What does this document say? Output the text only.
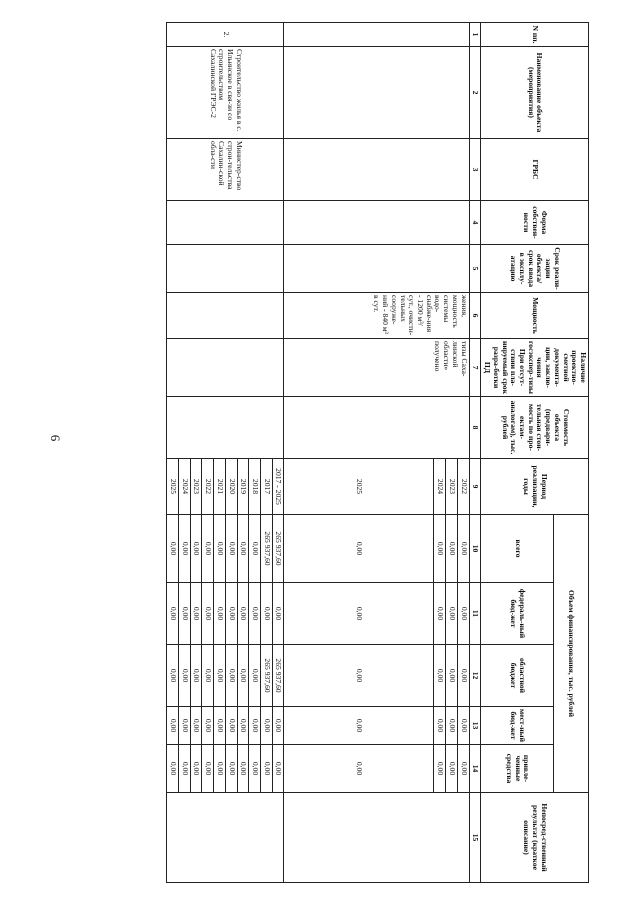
6
N пп.	Наименование объекта (мероприятия)	ГРБС	Форма собствен-ности	Срок реали-зации объекта/ срок ввода в эксплу-атацию	Мощность	Наличие проектно-сметной документа-ции, заклю-чения госэкспер-тизы При отсут-ствии пла-нируемый срок разра-ботки ПД	Стоимость объекта (предвари-тельная стои-мость по про-ектам-аналогам), тыс. рублей	Период реализации, годы	Объем финансирования, тыс. рублей					Непосред-ственный результат (краткое описание)
									всего	федераль-ный бюд-жет	областной бюджет	мест-ный бюд-жет	привле-ченные средства	
1	2	3	4	5	6	7	8	9	10	11	12	13	14	15
					жения, мощность системы водо-снабже-ния - 1200 м³/сут., очистн-тельных сооруже-ний - 840 м³ в сут.	тизы Саха-линской области» получено		2022	0,00	0,00	0,00	0,00	0,00	
								2023	0,00	0,00	0,00	0,00	0,00	
								2024	0,00	0,00	0,00	0,00	0,00	
								2025	0,00	0,00	0,00	0,00	0,00	
2.	Строительство жилья в с. Ильинское в свя-зи со строительством Сахалинской ГРЭС-2	Министер-ство строи-тельства Сахалин-ской обла-сти						2017 - 2025	265 937,60	0,00	265 937,60	0,00	0,00	
								2017	265 937,60	0,00	265 937,60	0,00	0,00	
								2018	0,00	0,00	0,00	0,00	0,00	
								2019	0,00	0,00	0,00	0,00	0,00	
								2020	0,00	0,00	0,00	0,00	0,00	
								2021	0,00	0,00	0,00	0,00	0,00	
								2022	0,00	0,00	0,00	0,00	0,00	
								2023	0,00	0,00	0,00	0,00	0,00	
								2024	0,00	0,00	0,00	0,00	0,00	
								2025	0,00	0,00	0,00	0,00	0,00	
